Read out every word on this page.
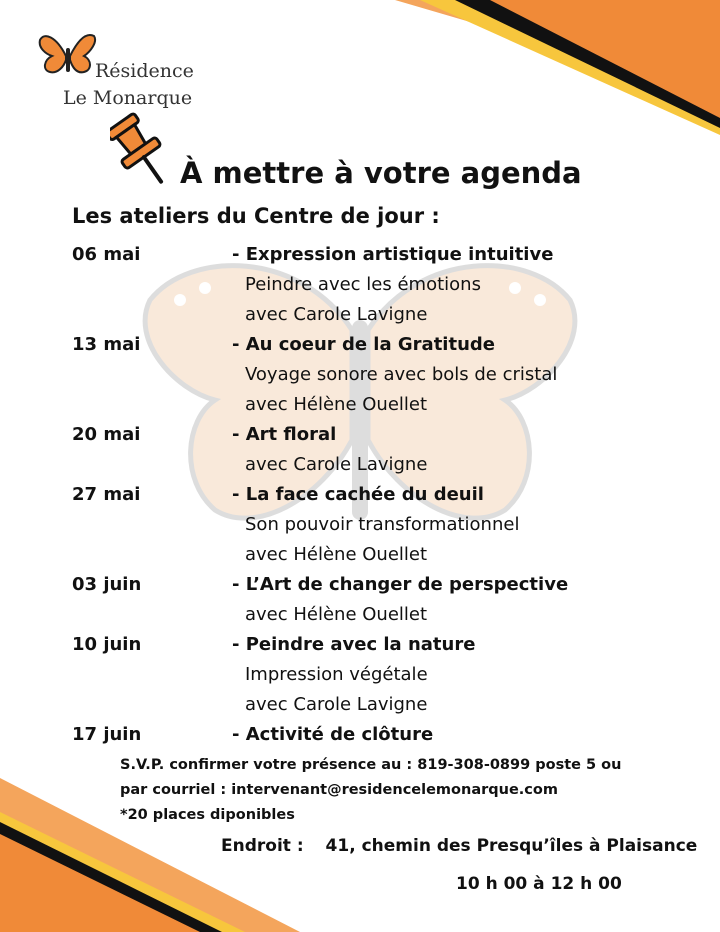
Résidence
Le Monarque
À mettre à votre agenda
Les ateliers du Centre de jour :
06 mai	- Expression artistique intuitive
Peindre avec les émotions
avec Carole Lavigne
13 mai	- Au coeur de la Gratitude
Voyage sonore avec bols de cristal
avec Hélène Ouellet
20 mai	- Art floral
avec Carole Lavigne
27 mai	- La face cachée du deuil
Son pouvoir transformationnel
avec Hélène Ouellet
03 juin	- L’Art de changer de perspective
avec Hélène Ouellet
10 juin	- Peindre avec la nature
Impression végétale
avec Carole Lavigne
17 juin	- Activité de clôture
S.V.P. confirmer votre présence au : 819-308-0899 poste 5 ou
par courriel : intervenant@residencelemonarque.com
*20 places diponibles
Endroit : 41, chemin des Presqu’îles à Plaisance
10 h 00 à 12 h 00
